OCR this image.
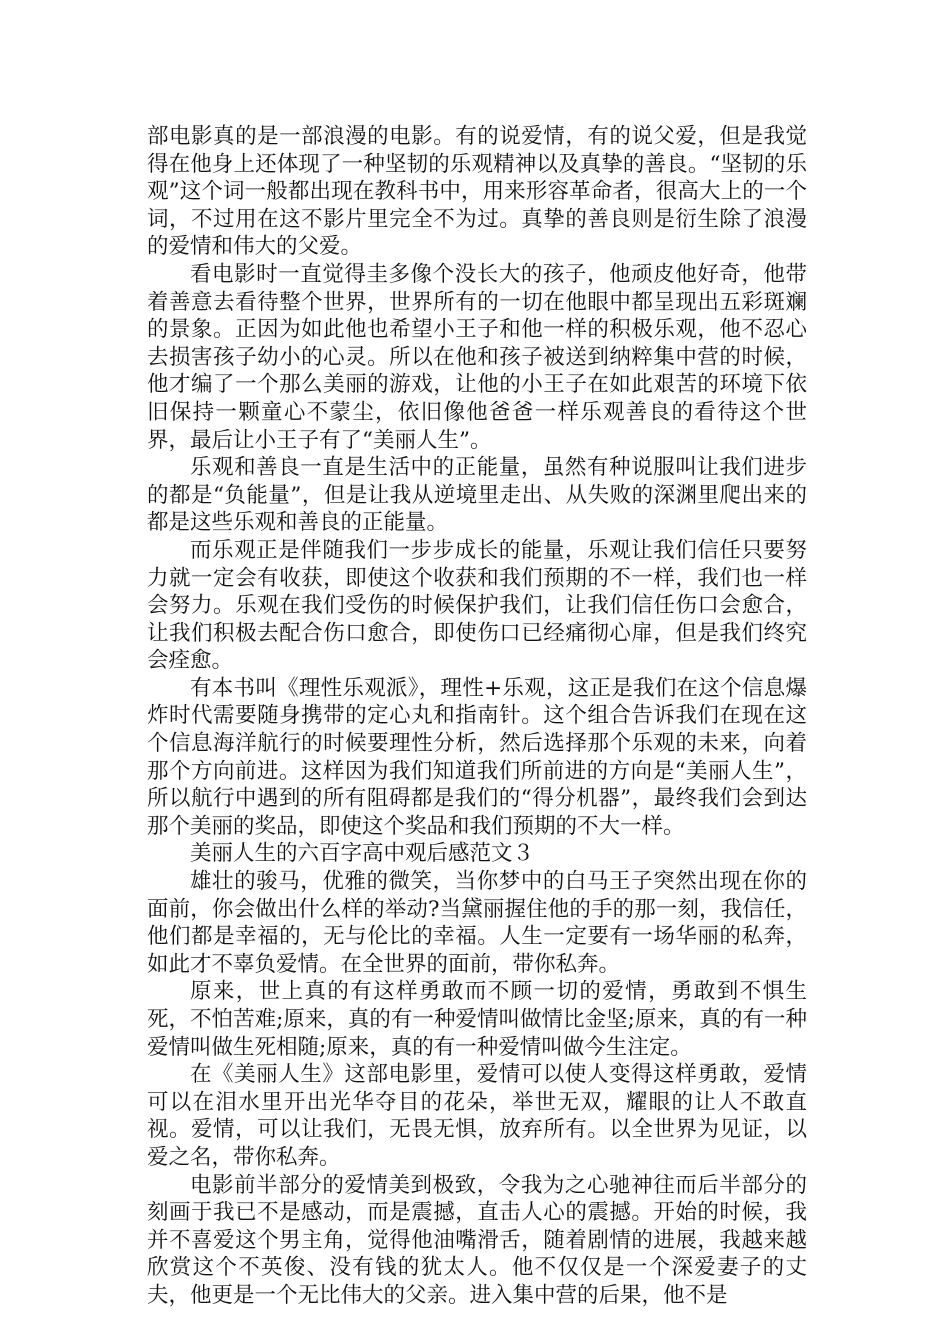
部电影真的是一部浪漫的电影。有的说爱情，有的说父爱，但是我觉得在他身上还体现了一种坚韧的乐观精神以及真挚的善良。“坚韧的乐观”这个词一般都出现在教科书中，用来形容革命者，很高大上的一个词，不过用在这不影片里完全不为过。真挚的善良则是衍生除了浪漫的爱情和伟大的父爱。

看电影时一直觉得圭多像个没长大的孩子，他顽皮他好奇，他带着善意去看待整个世界，世界所有的一切在他眼中都呈现出五彩斑斓的景象。正因为如此他也希望小王子和他一样的积极乐观，他不忍心去损害孩子幼小的心灵。所以在他和孩子被送到纳粹集中营的时候，他才编了一个那么美丽的游戏，让他的小王子在如此艰苦的环境下依旧保持一颗童心不蒙尘，依旧像他爸爸一样乐观善良的看待这个世界，最后让小王子有了“美丽人生”。

乐观和善良一直是生活中的正能量，虽然有种说服叫让我们进步的都是“负能量”，但是让我从逆境里走出、从失败的深渊里爬出来的都是这些乐观和善良的正能量。

而乐观正是伴随我们一步步成长的能量，乐观让我们信任只要努力就一定会有收获，即使这个收获和我们预期的不一样，我们也一样会努力。乐观在我们受伤的时候保护我们，让我们信任伤口会愈合，让我们积极去配合伤口愈合，即使伤口已经痛彻心扉，但是我们终究会痊愈。

有本书叫《理性乐观派》，理性+乐观，这正是我们在这个信息爆炸时代需要随身携带的定心丸和指南针。这个组合告诉我们在现在这个信息海洋航行的时候要理性分析，然后选择那个乐观的未来，向着那个方向前进。这样因为我们知道我们所前进的方向是“美丽人生”，所以航行中遇到的所有阻碍都是我们的“得分机器”，最终我们会到达那个美丽的奖品，即使这个奖品和我们预期的不大一样。

美丽人生的六百字高中观后感范文３

雄壮的骏马，优雅的微笑，当你梦中的白马王子突然出现在你的面前，你会做出什么样的举动?当黛丽握住他的手的那一刻，我信任，他们都是幸福的，无与伦比的幸福。人生一定要有一场华丽的私奔，如此才不辜负爱情。在全世界的面前，带你私奔。

原来，世上真的有这样勇敢而不顾一切的爱情，勇敢到不惧生死，不怕苦难;原来，真的有一种爱情叫做情比金坚;原来，真的有一种爱情叫做生死相随;原来，真的有一种爱情叫做今生注定。

在《美丽人生》这部电影里，爱情可以使人变得这样勇敢，爱情可以在泪水里开出光华夺目的花朵，举世无双，耀眼的让人不敢直视。爱情，可以让我们，无畏无惧，放弃所有。以全世界为见证，以爱之名，带你私奔。

电影前半部分的爱情美到极致，令我为之心驰神往而后半部分的刻画于我已不是感动，而是震撼，直击人心的震撼。开始的时候，我并不喜爱这个男主角，觉得他油嘴滑舌，随着剧情的进展，我越来越欣赏这个不英俊、没有钱的犹太人。他不仅仅是一个深爱妻子的丈夫，他更是一个无比伟大的父亲。进入集中营的后果，他不是
